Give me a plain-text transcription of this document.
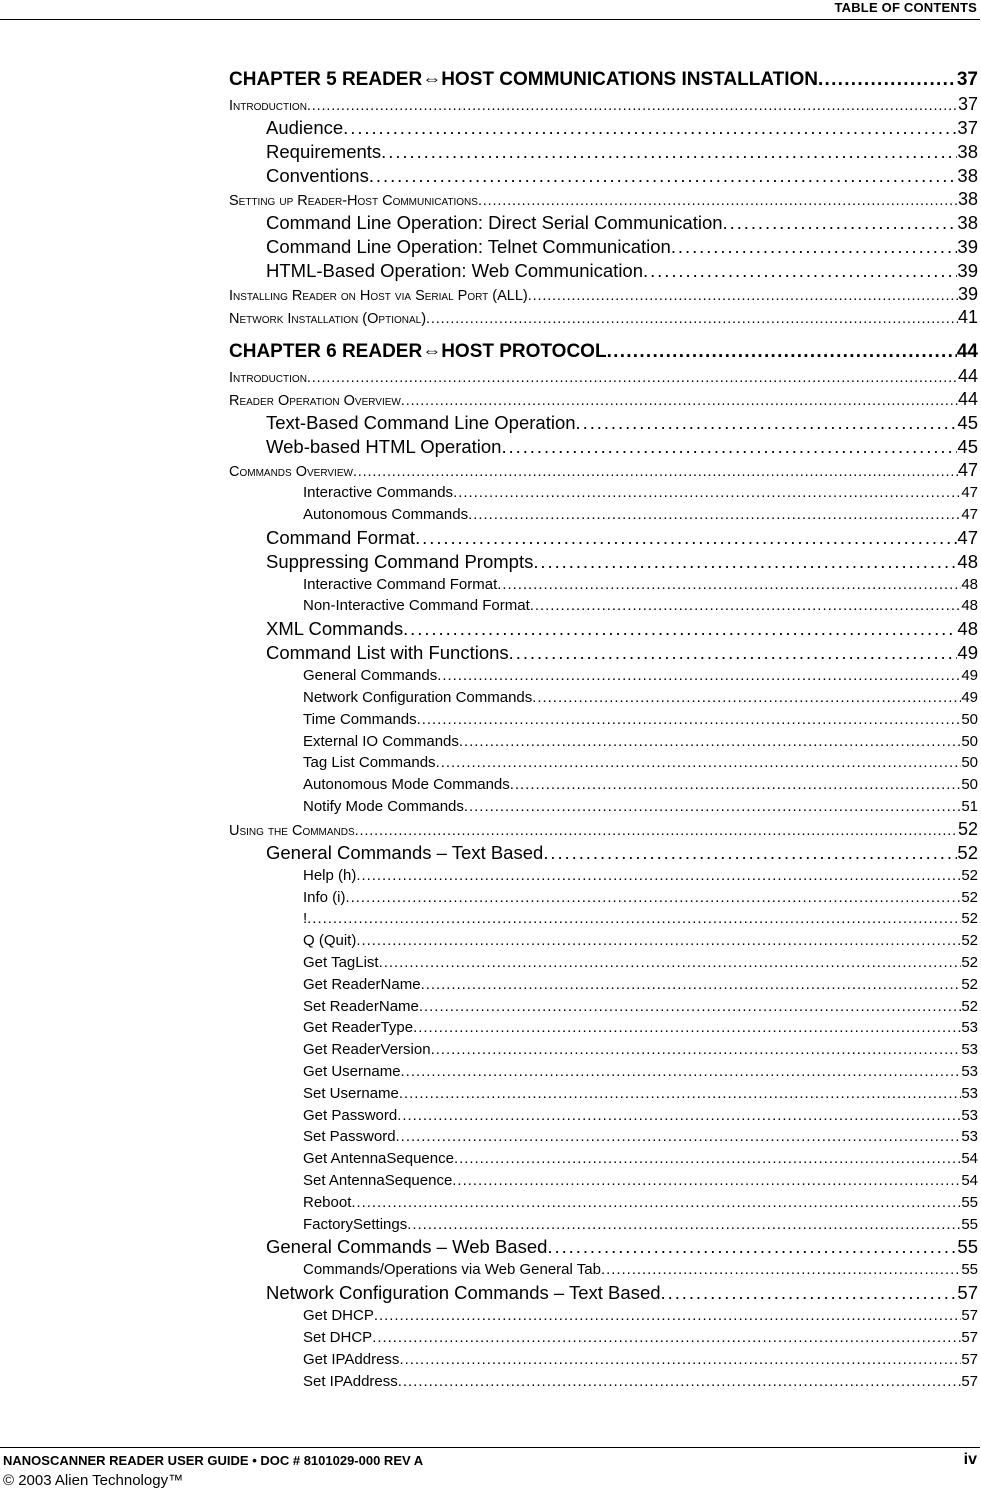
TABLE OF CONTENTS
CHAPTER 5 READER⇔HOST COMMUNICATIONS INSTALLATION . . .	37
Introduction . . .	37
Audience . . .	37
Requirements . . .	38
Conventions . . .	38
Setting up Reader-Host Communications . . .	38
Command Line Operation: Direct Serial Communication . . .	38
Command Line Operation: Telnet Communication . . .	39
HTML-Based Operation: Web Communication . . .	39
Installing Reader on Host via Serial Port (ALL) . . .	39
Network Installation (Optional) . . .	41
CHAPTER 6 READER⇔HOST PROTOCOL . . .	44
Introduction . . .	44
Reader Operation Overview . . .	44
Text-Based Command Line Operation . . .	45
Web-based HTML Operation . . .	45
Commands Overview . . .	47
Interactive Commands . . .	47
Autonomous Commands . . .	47
Command Format . . .	47
Suppressing Command Prompts . . .	48
Interactive Command Format . . .	48
Non-Interactive Command Format . . .	48
XML Commands . . .	48
Command List with Functions . . .	49
General Commands . . .	49
Network Configuration Commands . . .	49
Time Commands . . .	50
External IO Commands . . .	50
Tag List Commands . . .	50
Autonomous Mode Commands . . .	50
Notify Mode Commands . . .	51
Using the Commands . . .	52
General Commands – Text Based . . .	52
Help (h) . . .	52
Info (i) . . .	52
! . . .	52
Q (Quit) . . .	52
Get TagList . . .	52
Get ReaderName . . .	52
Set ReaderName . . .	52
Get ReaderType . . .	53
Get ReaderVersion . . .	53
Get Username . . .	53
Set Username . . .	53
Get Password . . .	53
Set Password . . .	53
Get AntennaSequence . . .	54
Set AntennaSequence . . .	54
Reboot . . .	55
FactorySettings . . .	55
General Commands – Web Based . . .	55
Commands/Operations via Web General Tab . . .	55
Network Configuration Commands – Text Based . . .	57
Get DHCP . . .	57
Set DHCP . . .	57
Get IPAddress . . .	57
Set IPAddress . . .	57
NANOSCANNER READER USER GUIDE • DOC # 8101029-000 REV A	iv
© 2003 Alien Technology™
